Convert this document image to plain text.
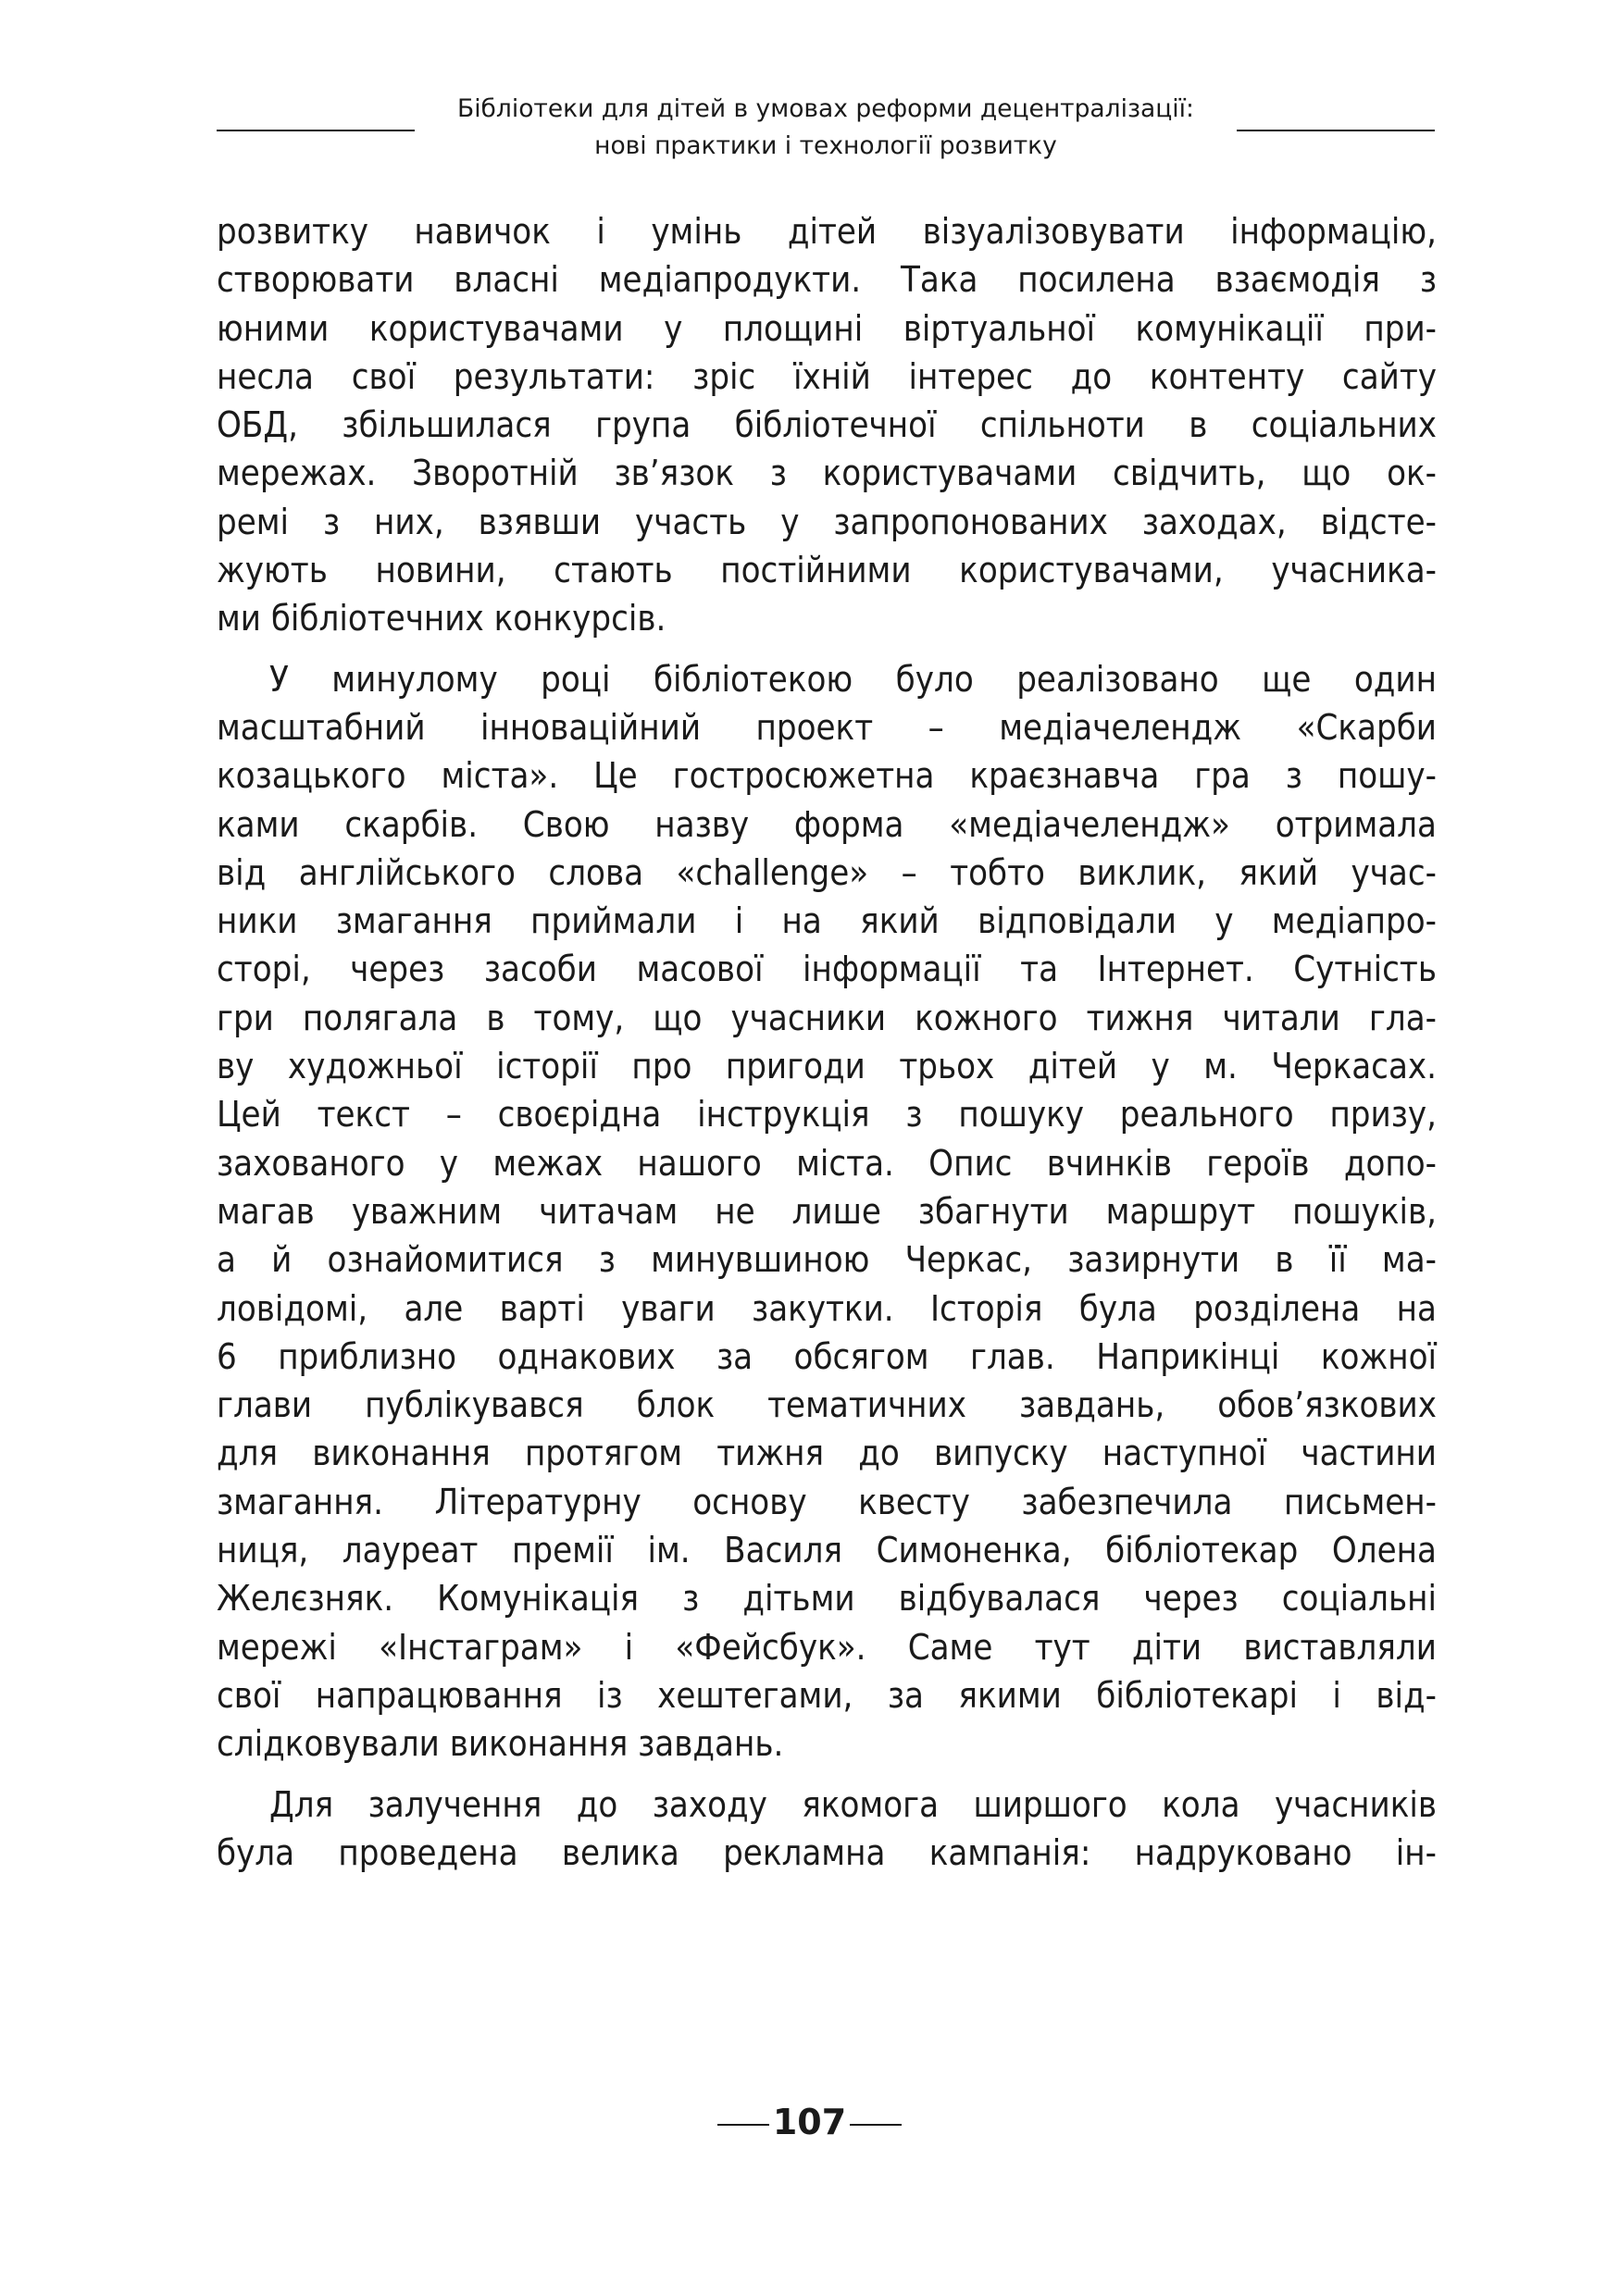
Бібліотеки для дітей в умовах реформи децентралізації:
нові практики і технології розвитку
розвитку навичок і умінь дітей візуалізовувати інформацію,
створювати власні медіапродукти. Така посилена взаємодія з
юними користувачами у площині віртуальної комунікації при-
несла свої результати: зріс їхній інтерес до контенту сайту
ОБД, збільшилася група бібліотечної спільноти в соціальних
мережах. Зворотній зв’язок з користувачами свідчить, що ок-
ремі з них, взявши участь у запропонованих заходах, відсте-
жують новини, стають постійними користувачами, учасника-
ми бібліотечних конкурсів.
У минулому році бібліотекою було реалізовано ще один
масштабний інноваційний проект – медіачелендж «Скарби
козацького міста». Це гостросюжетна краєзнавча гра з пошу-
ками скарбів. Свою назву форма «медіачелендж» отримала
від англійського слова «challenge» – тобто виклик, який учас-
ники змагання приймали і на який відповідали у медіапро-
сторі, через засоби масової інформації та Інтернет. Сутність
гри полягала в тому, що учасники кожного тижня читали гла-
ву художньої історії про пригоди трьох дітей у м. Черкасах.
Цей текст – своєрідна інструкція з пошуку реального призу,
захованого у межах нашого міста. Опис вчинків героїв допо-
магав уважним читачам не лише збагнути маршрут пошуків,
а й ознайомитися з минувшиною Черкас, зазирнути в її ма-
ловідомі, але варті уваги закутки. Історія була розділена на
6 приблизно однакових за обсягом глав. Наприкінці кожної
глави публікувався блок тематичних завдань, обов’язкових
для виконання протягом тижня до випуску наступної частини
змагання. Літературну основу квесту забезпечила письмен-
ниця, лауреат премії ім. Василя Симоненка, бібліотекар Олена
Желєзняк. Комунікація з дітьми відбувалася через соціальні
мережі «Інстаграм» і «Фейсбук». Саме тут діти виставляли
свої напрацювання із хештегами, за якими бібліотекарі і від-
слідковували виконання завдань.
Для залучення до заходу якомога ширшого кола учасників
була проведена велика рекламна кампанія: надруковано ін-
107
